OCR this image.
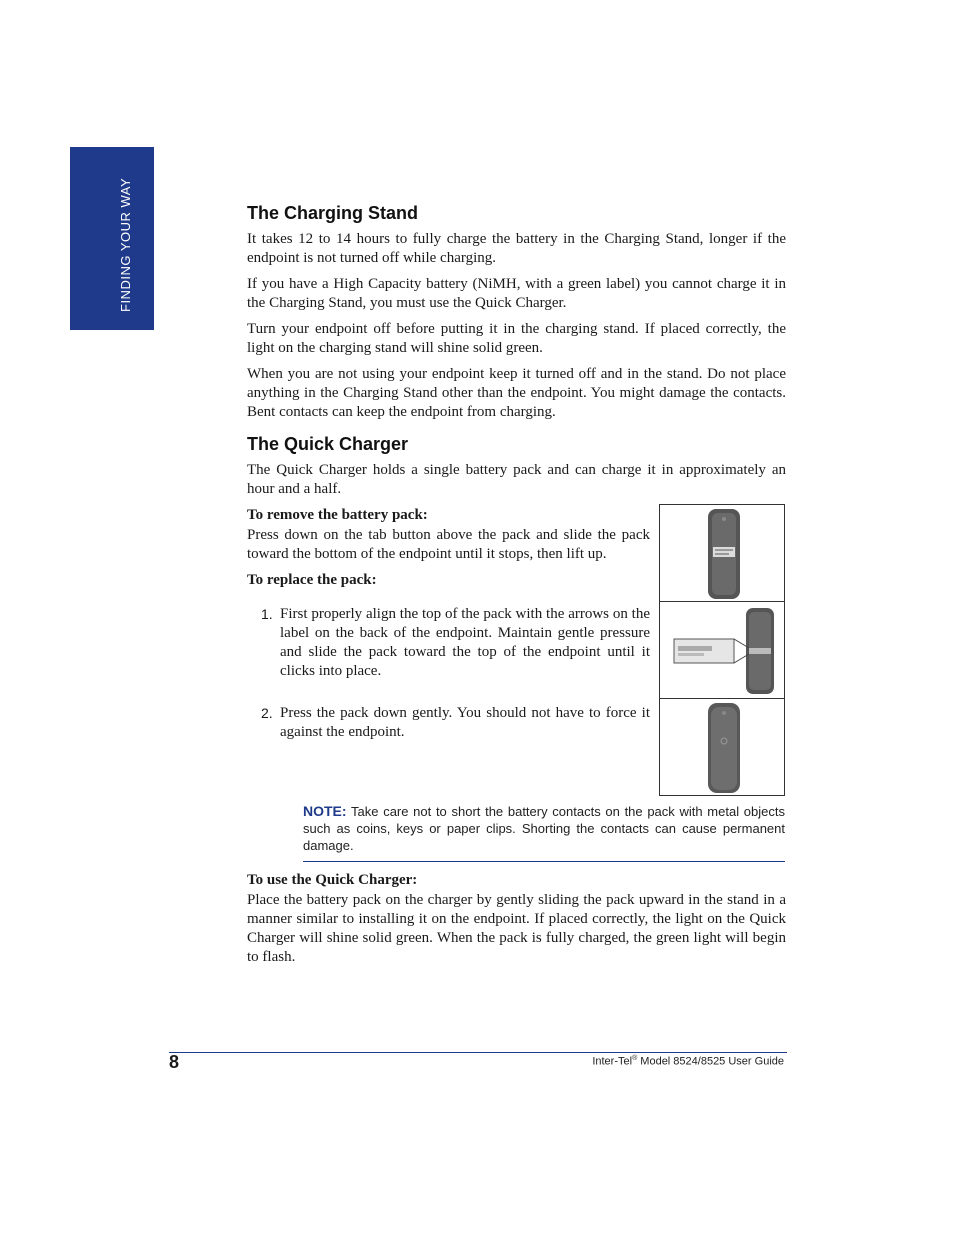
FINDING YOUR WAY	The Charging Stand

It takes 12 to 14 hours to fully charge the battery in the Charging Stand, longer if the endpoint is not turned off while charging.

If you have a High Capacity battery (NiMH, with a green label) you cannot charge it in the Charging Stand, you must use the Quick Charger.

Turn your endpoint off before putting it in the charging stand. If placed correctly, the light on the charging stand will shine solid green.

When you are not using your endpoint keep it turned off and in the stand. Do not place anything in the Charging Stand other than the endpoint. You might damage the contacts. Bent contacts can keep the endpoint from charging.

The Quick Charger

The Quick Charger holds a single battery pack and can charge it in approximately an hour and a half.

To remove the battery pack:

Press down on the tab button above the pack and slide the pack toward the bottom of the endpoint until it stops, then lift up.

To replace the pack:
1. First properly align the top of the pack with the arrows on the label on the back of the endpoint. Maintain gentle pressure and slide the pack toward the top of the endpoint until it clicks into place.
2. Press the pack down gently. You should not have to force it against the endpoint.
NOTE: Take care not to short the battery contacts on the pack with metal objects such as coins, keys or paper clips. Shorting the contacts can cause permanent damage.
To use the Quick Charger:

Place the battery pack on the charger by gently sliding the pack upward in the stand in a manner similar to installing it on the endpoint. If placed correctly, the light on the Quick Charger will shine solid green. When the pack is fully charged, the green light will begin to flash.

8	Inter-Tel® Model 8524/8525 User Guide
